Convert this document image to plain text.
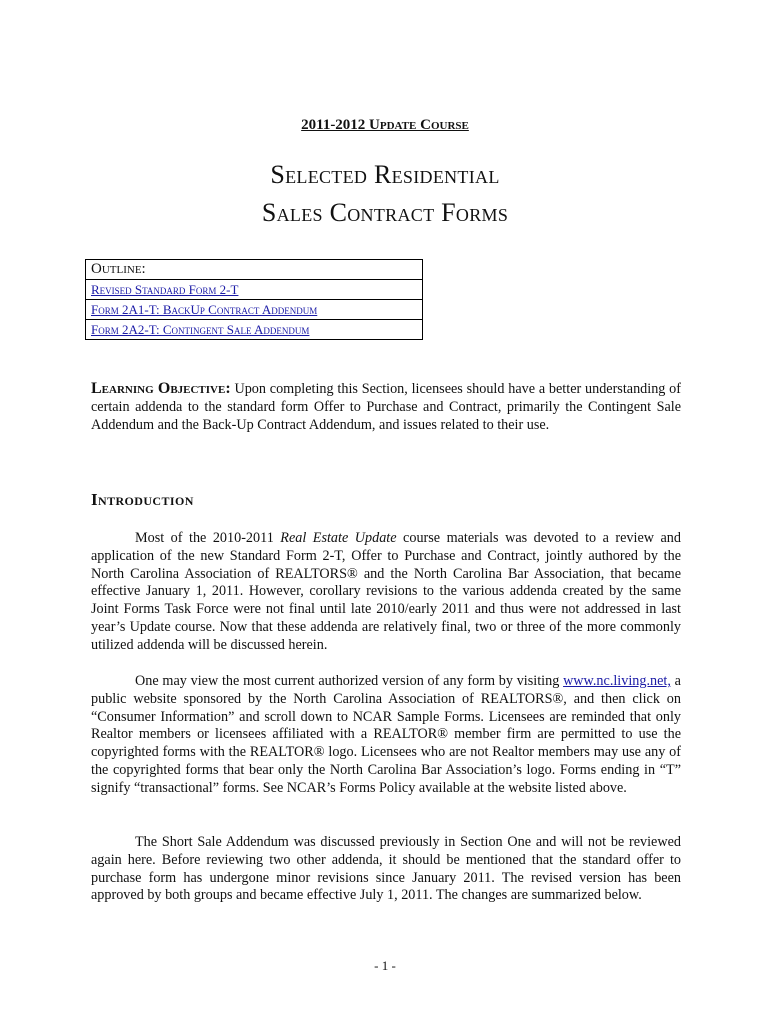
2011-2012 Update Course
Selected Residential
Sales Contract Forms
Outline:
Revised Standard Form 2-T
Form 2A1-T: BackUp Contract Addendum
Form 2A2-T: Contingent Sale Addendum
Learning Objective: Upon completing this Section, licensees should have a better understanding of certain addenda to the standard form Offer to Purchase and Contract, primarily the Contingent Sale Addendum and the Back-Up Contract Addendum, and issues related to their use.
Introduction
Most of the 2010-2011 Real Estate Update course materials was devoted to a review and application of the new Standard Form 2-T, Offer to Purchase and Contract, jointly authored by the North Carolina Association of REALTORS® and the North Carolina Bar Association, that became effective January 1, 2011. However, corollary revisions to the various addenda created by the same Joint Forms Task Force were not final until late 2010/early 2011 and thus were not addressed in last year’s Update course. Now that these addenda are relatively final, two or three of the more commonly utilized addenda will be discussed herein.
One may view the most current authorized version of any form by visiting www.nc.living.net, a public website sponsored by the North Carolina Association of REALTORS®, and then click on “Consumer Information” and scroll down to NCAR Sample Forms. Licensees are reminded that only Realtor members or licensees affiliated with a REALTOR® member firm are permitted to use the copyrighted forms with the REALTOR® logo. Licensees who are not Realtor members may use any of the copyrighted forms that bear only the North Carolina Bar Association’s logo. Forms ending in “T” signify “transactional” forms. See NCAR’s Forms Policy available at the website listed above.
The Short Sale Addendum was discussed previously in Section One and will not be reviewed again here. Before reviewing two other addenda, it should be mentioned that the standard offer to purchase form has undergone minor revisions since January 2011. The revised version has been approved by both groups and became effective July 1, 2011. The changes are summarized below.
- 1 -
